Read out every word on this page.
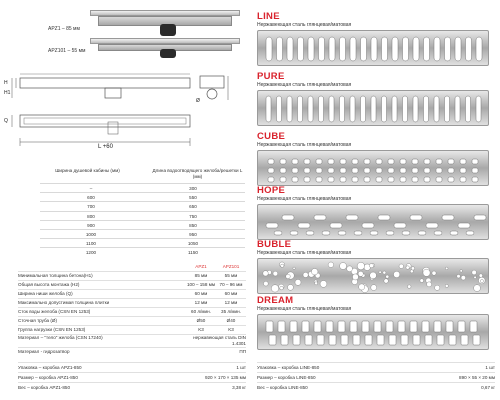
APZ1 – 85 мм
APZ101 – 55 мм
H
H1
Q
Ø
L +60
Ширина душевой кабины (мм)	Длина водоотводящего желоба/решетки L (мм)
–	300
600	550
700	650
800	750
900	850
1000	950
1100	1050
1200	1150
APZ1	APZ101
Минимальная толщина бетона(H1)	85 мм	55 мм
Общая высота монтажа (H2)	100 – 158 мм 70 – 96 мм
Ширина ниши желоба (Q)	60 мм	60 мм
Максимально допустимая толщина плитки	12 мм	12 мм
Сток воды желоба (CSN EN 1253)	60 л/мин.	35 л/мин.
Сточная труба (Ø)	Ø50	Ø40
Группа нагрузки (CSN EN 1253)	K3	K3
Материал – "тело" желоба (CSN 17240)	нержавеющая сталь DIN 1.4301
Материал - гидрозатвор	ПП
Упаковка – коробка APZ1-850	1 шт
Размер – коробка APZ1-850	920 × 170 × 135 мм
Вес – коробка APZ1-850	3,38 кг
LINE
Нержавеющая сталь глянцевая/матовая
PURE
Нержавеющая сталь глянцевая/матовая
CUBE
Нержавеющая сталь глянцевая/матовая
HOPE
Нержавеющая сталь глянцевая/матовая
BUBLE
Нержавеющая сталь глянцевая/матовая
DREAM
Нержавеющая сталь глянцевая/матовая
Упаковка – коробка LINE-850	1 шт
Размер – коробка LINE-850	890 × 55 × 20 мм
Вес – коробка LINE-850	0,67 кг
